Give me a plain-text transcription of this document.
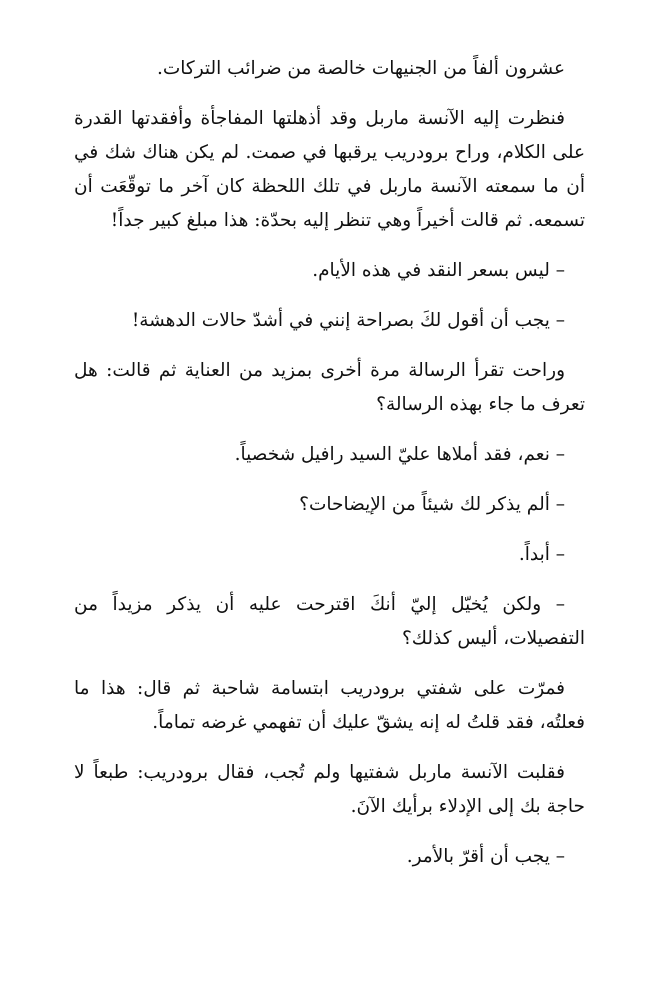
عشرون ألفاً من الجنيهات خالصة من ضرائب التركات.

فنظرت إليه الآنسة ماربل وقد أذهلتها المفاجأة وأفقدتها القدرة على الكلام، وراح برودريب يرقبها في صمت. لم يكن هناك شك في أن ما سمعته الآنسة ماربل في تلك اللحظة كان آخر ما توقّعَت أن تسمعه. ثم قالت أخيراً وهي تنظر إليه بحدّة: هذا مبلغ كبير جداً!

– ليس بسعر النقد في هذه الأيام.

– يجب أن أقول لكَ بصراحة إنني في أشدّ حالات الدهشة!

وراحت تقرأ الرسالة مرة أخرى بمزيد من العناية ثم قالت: هل تعرف ما جاء بهذه الرسالة؟

– نعم، فقد أملاها عليّ السيد رافيل شخصياً.

– ألم يذكر لك شيئاً من الإيضاحات؟

– أبداً.

– ولكن يُخيّل إليّ أنكَ اقترحت عليه أن يذكر مزيداً من التفصيلات، أليس كذلك؟

فمرّت على شفتي برودريب ابتسامة شاحبة ثم قال: هذا ما فعلتُه، فقد قلتُ له إنه يشقّ عليك أن تفهمي غرضه تماماً.

فقلبت الآنسة ماربل شفتيها ولم تُجب، فقال برودريب: طبعاً لا حاجة بك إلى الإدلاء برأيك الآنَ.

– يجب أن أقرّ بالأمر.
